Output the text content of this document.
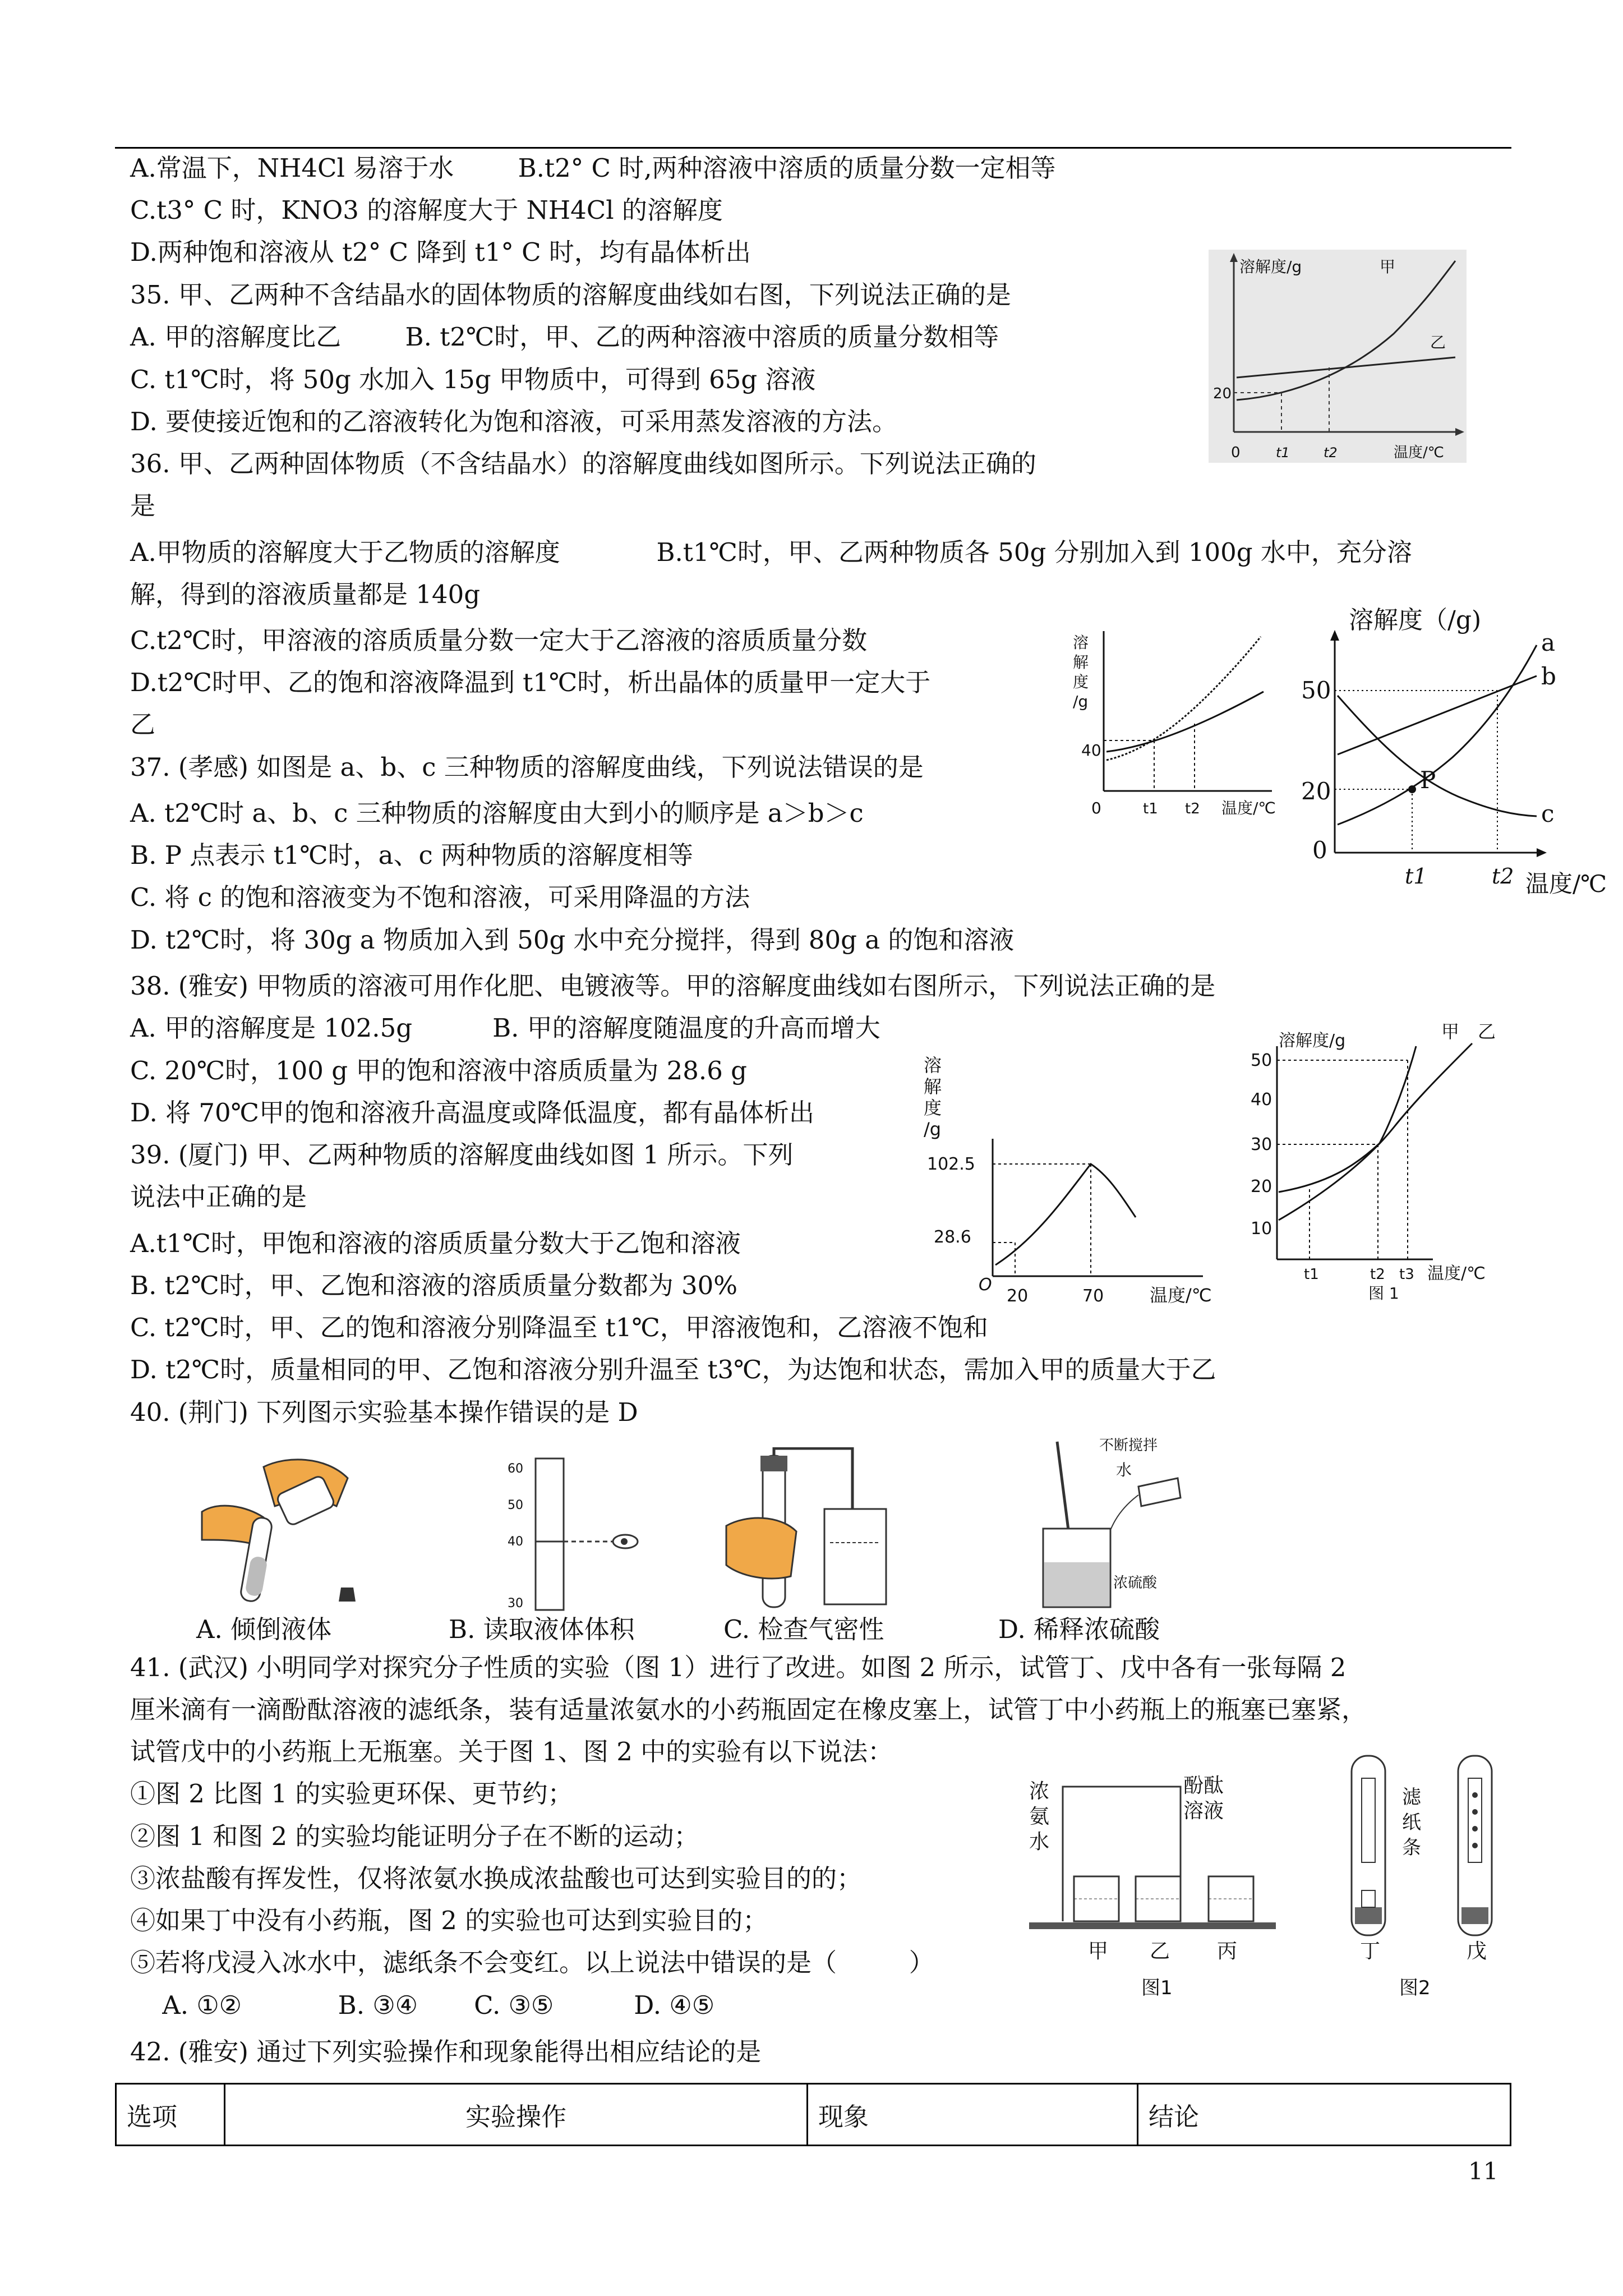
A.常温下，NH4Cl 易溶于水        B.t2° C 时,两种溶液中溶质的质量分数一定相等

C.t3° C 时，KNO3 的溶解度大于 NH4Cl 的溶解度

D.两种饱和溶液从 t2° C 降到 t1° C 时，均有晶体析出

35. 甲、乙两种不含结晶水的固体物质的溶解度曲线如右图，下列说法正确的是

A. 甲的溶解度比乙        B. t2℃时，甲、乙的两种溶液中溶质的质量分数相等

C. t1℃时，将 50g 水加入 15g 甲物质中，可得到 65g 溶液

D. 要使接近饱和的乙溶液转化为饱和溶液，可采用蒸发溶液的方法。

36. 甲、乙两种固体物质（不含结晶水）的溶解度曲线如图所示。下列说法正确的

是

A.甲物质的溶解度大于乙物质的溶解度            B.t1℃时，甲、乙两种物质各 50g 分别加入到 100g 水中，充分溶

解，得到的溶液质量都是 140g

C.t2℃时，甲溶液的溶质质量分数一定大于乙溶液的溶质质量分数

D.t2℃时甲、乙的饱和溶液降温到 t1℃时，析出晶体的质量甲一定大于

乙

37. (孝感) 如图是 a、b、c 三种物质的溶解度曲线，下列说法错误的是

A. t2℃时 a、b、c 三种物质的溶解度由大到小的顺序是 a＞b＞c

B. P 点表示 t1℃时，a、c 两种物质的溶解度相等

C. 将 c 的饱和溶液变为不饱和溶液，可采用降温的方法

D. t2℃时，将 30g a 物质加入到 50g 水中充分搅拌，得到 80g a 的饱和溶液

38. (雅安) 甲物质的溶液可用作化肥、电镀液等。甲的溶解度曲线如右图所示，下列说法正确的是

A. 甲的溶解度是 102.5g          B. 甲的溶解度随温度的升高而增大

C. 20℃时，100 g 甲的饱和溶液中溶质质量为 28.6 g

D. 将 70℃甲的饱和溶液升高温度或降低温度，都有晶体析出

39. (厦门) 甲、乙两种物质的溶解度曲线如图 1 所示。下列

说法中正确的是

A.t1℃时，甲饱和溶液的溶质质量分数大于乙饱和溶液

B. t2℃时，甲、乙饱和溶液的溶质质量分数都为 30%

C. t2℃时，甲、乙的饱和溶液分别降温至 t1℃，甲溶液饱和，乙溶液不饱和

D. t2℃时，质量相同的甲、乙饱和溶液分别升温至 t3℃，为达饱和状态，需加入甲的质量大于乙

40. (荆门) 下列图示实验基本操作错误的是 D

41. (武汉) 小明同学对探究分子性质的实验（图 1）进行了改进。如图 2 所示，试管丁、戊中各有一张每隔 2

厘米滴有一滴酚酞溶液的滤纸条，装有适量浓氨水的小药瓶固定在橡皮塞上，试管丁中小药瓶上的瓶塞已塞紧，

试管戊中的小药瓶上无瓶塞。关于图 1、图 2 中的实验有以下说法：

①图 2 比图 1 的实验更环保、更节约；

②图 1 和图 2 的实验均能证明分子在不断的运动；

③浓盐酸有挥发性，仅将浓氨水换成浓盐酸也可达到实验目的的；

④如果丁中没有小药瓶，图 2 的实验也可达到实验目的；

⑤若将戊浸入冰水中，滤纸条不会变红。以上说法中错误的是（         ）

A. ①②            B. ③④       C. ③⑤          D. ④⑤

42. (雅安) 通过下列实验操作和现象能得出相应结论的是

溶解度/g
温度/℃
20
0	t1	t2
甲
乙
溶
解
度
/g
40
0	t1 t2 温度/℃
溶解度（/g)
50
20
0
t1	t2 温度/℃
P
a
b
c
溶
解
度
/g
102.5
28.6
O
20	70	温度/℃
溶解度/g	甲 乙
50
40
30
20
10
t1	t2 t3 温度/℃
图 1
60
50
40
30
不断搅拌
水
浓硫酸
A. 倾倒液体	B. 读取液体体积	C. 检查气密性	D. 稀释浓硫酸
浓
氨
水
酚酞
溶液
甲 乙 丙
图1
滤
纸
条
丁	戊
图2
选项	实验操作	现象	结论
11
